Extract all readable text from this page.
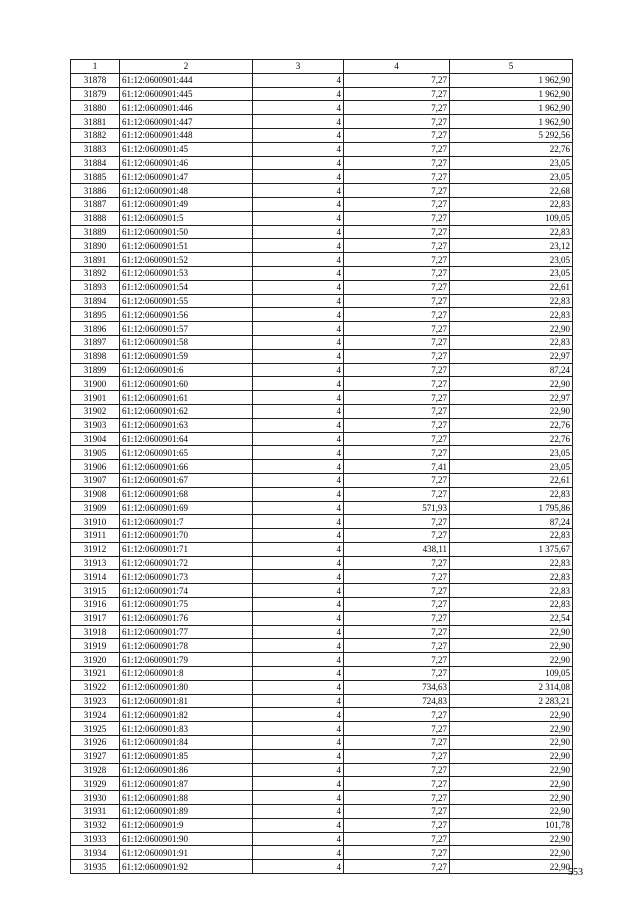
1	2	3	4	5
31878	61:12:0600901:444	4	7,27	1 962,90
31879	61:12:0600901:445	4	7,27	1 962,90
31880	61:12:0600901:446	4	7,27	1 962,90
31881	61:12:0600901:447	4	7,27	1 962,90
31882	61:12:0600901:448	4	7,27	5 292,56
31883	61:12:0600901:45	4	7,27	22,76
31884	61:12:0600901:46	4	7,27	23,05
31885	61:12:0600901:47	4	7,27	23,05
31886	61:12:0600901:48	4	7,27	22,68
31887	61:12:0600901:49	4	7,27	22,83
31888	61:12:0600901:5	4	7,27	109,05
31889	61:12:0600901:50	4	7,27	22,83
31890	61:12:0600901:51	4	7,27	23,12
31891	61:12:0600901:52	4	7,27	23,05
31892	61:12:0600901:53	4	7,27	23,05
31893	61:12:0600901:54	4	7,27	22,61
31894	61:12:0600901:55	4	7,27	22,83
31895	61:12:0600901:56	4	7,27	22,83
31896	61:12:0600901:57	4	7,27	22,90
31897	61:12:0600901:58	4	7,27	22,83
31898	61:12:0600901:59	4	7,27	22,97
31899	61:12:0600901:6	4	7,27	87,24
31900	61:12:0600901:60	4	7,27	22,90
31901	61:12:0600901:61	4	7,27	22,97
31902	61:12:0600901:62	4	7,27	22,90
31903	61:12:0600901:63	4	7,27	22,76
31904	61:12:0600901:64	4	7,27	22,76
31905	61:12:0600901:65	4	7,27	23,05
31906	61:12:0600901:66	4	7,41	23,05
31907	61:12:0600901:67	4	7,27	22,61
31908	61:12:0600901:68	4	7,27	22,83
31909	61:12:0600901:69	4	571,93	1 795,86
31910	61:12:0600901:7	4	7,27	87,24
31911	61:12:0600901:70	4	7,27	22,83
31912	61:12:0600901:71	4	438,11	1 375,67
31913	61:12:0600901:72	4	7,27	22,83
31914	61:12:0600901:73	4	7,27	22,83
31915	61:12:0600901:74	4	7,27	22,83
31916	61:12:0600901:75	4	7,27	22,83
31917	61:12:0600901:76	4	7,27	22,54
31918	61:12:0600901:77	4	7,27	22,90
31919	61:12:0600901:78	4	7,27	22,90
31920	61:12:0600901:79	4	7,27	22,90
31921	61:12:0600901:8	4	7,27	109,05
31922	61:12:0600901:80	4	734,63	2 314,08
31923	61:12:0600901:81	4	724,83	2 283,21
31924	61:12:0600901:82	4	7,27	22,90
31925	61:12:0600901:83	4	7,27	22,90
31926	61:12:0600901:84	4	7,27	22,90
31927	61:12:0600901:85	4	7,27	22,90
31928	61:12:0600901:86	4	7,27	22,90
31929	61:12:0600901:87	4	7,27	22,90
31930	61:12:0600901:88	4	7,27	22,90
31931	61:12:0600901:89	4	7,27	22,90
31932	61:12:0600901:9	4	7,27	101,78
31933	61:12:0600901:90	4	7,27	22,90
31934	61:12:0600901:91	4	7,27	22,90
31935	61:12:0600901:92	4	7,27	22,90
553
